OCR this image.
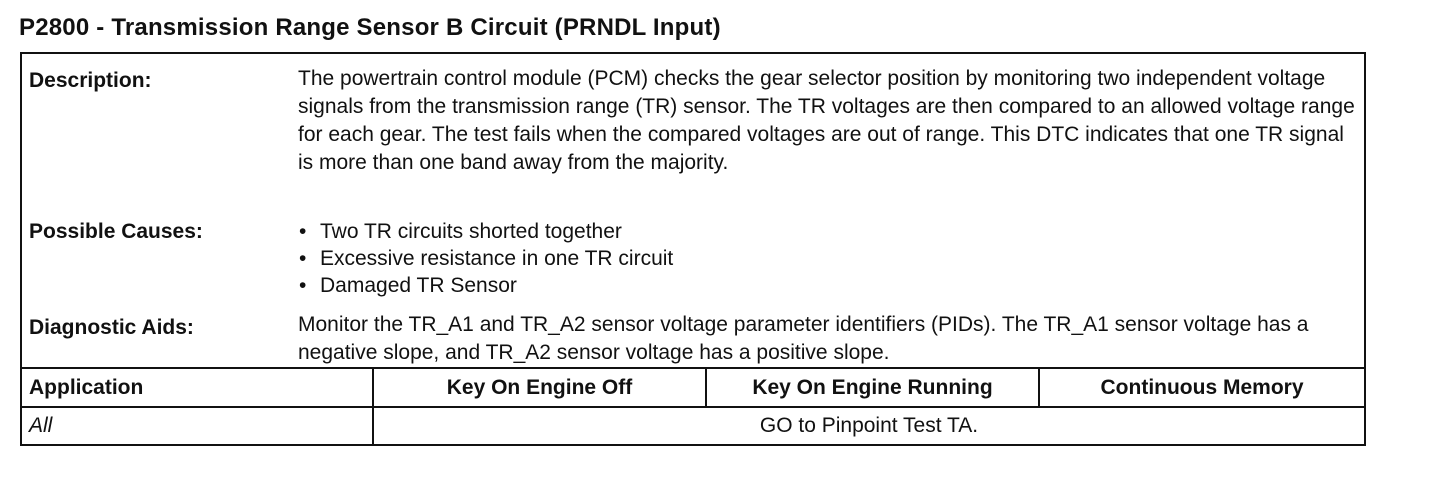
P2800 - Transmission Range Sensor B Circuit (PRNDL Input)
Description:	The powertrain control module (PCM) checks the gear selector position by monitoring two independent voltage signals from the transmission range (TR) sensor. The TR voltages are then compared to an allowed voltage range for each gear. The test fails when the compared voltages are out of range. This DTC indicates that one TR signal is more than one band away from the majority.

Possible Causes:	• Two TR circuits shorted together
• Excessive resistance in one TR circuit
• Damaged TR Sensor
Diagnostic Aids:	Monitor the TR_A1 and TR_A2 sensor voltage parameter identifiers (PIDs). The TR_A1 sensor voltage has a negative slope, and TR_A2 sensor voltage has a positive slope.

Application	Key On Engine Off	Key On Engine Running	Continuous Memory
All	GO to Pinpoint Test TA.
